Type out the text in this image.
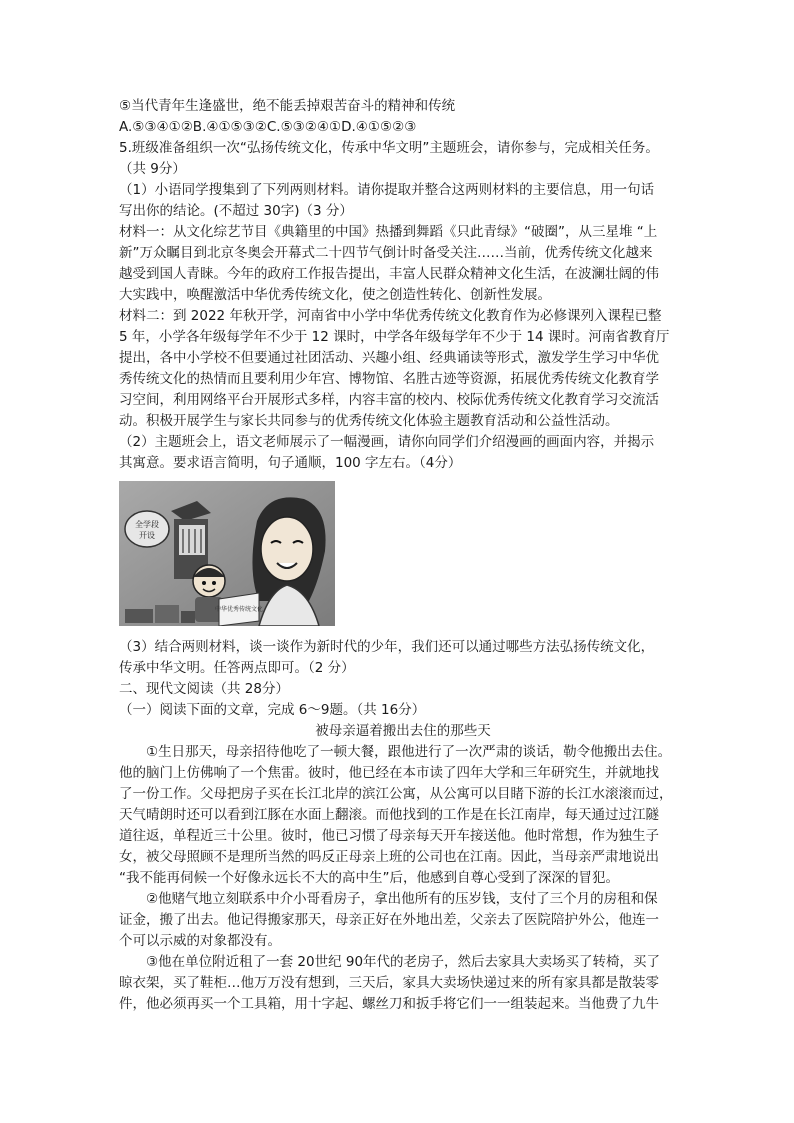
⑤当代青年生逢盛世，绝不能丢掉艰苦奋斗的精神和传统
A.⑤③④①②B.④①⑤③②C.⑤③②④①D.④①⑤②③
5.班级准备组织一次“弘扬传统文化，传承中华文明”主题班会，请你参与，完成相关任务。
（共 9分）
（1）小语同学搜集到了下列两则材料。请你提取并整合这两则材料的主要信息，用一句话
写出你的结论。(不超过 30字)（3 分）
材料一：从文化综艺节目《典籍里的中国》热播到舞蹈《只此青绿》“破圈”，从三星堆 “上
新”万众瞩目到北京冬奥会开幕式二十四节气倒计时备受关注……当前，优秀传统文化越来
越受到国人青睐。今年的政府工作报告提出，丰富人民群众精神文化生活，在波澜壮阔的伟
大实践中，唤醒激活中华优秀传统文化，使之创造性转化、创新性发展。
材料二：到 2022 年秋开学，河南省中小学中华优秀传统文化教育作为必修课列入课程已整
5 年，小学各年级每学年不少于 12 课时，中学各年级每学年不少于 14 课时。河南省教育厅
提出，各中小学校不但要通过社团活动、兴趣小组、经典诵读等形式，激发学生学习中华优
秀传统文化的热情而且要利用少年宫、博物馆、名胜古迹等资源，拓展优秀传统文化教育学
习空间，利用网络平台开展形式多样，内容丰富的校内、校际优秀传统文化教育学习交流活
动。积极开展学生与家长共同参与的优秀传统文化体验主题教育活动和公益性活动。
（2）主题班会上，语文老师展示了一幅漫画，请你向同学们介绍漫画的画面内容，并揭示
其寓意。要求语言简明，句子通顺，100 字左右。（4分）
全学段
开设
中华优秀传统文化
（3）结合两则材料，谈一谈作为新时代的少年，我们还可以通过哪些方法弘扬传统文化，
传承中华文明。任答两点即可。（2 分）
二、现代文阅读（共 28分）
（一）阅读下面的文章，完成 6～9题。（共 16分）
被母亲逼着搬出去住的那些天
　　①生日那天，母亲招待他吃了一顿大餐，跟他进行了一次严肃的谈话，勒令他搬出去住。
他的脑门上仿佛响了一个焦雷。彼时，他已经在本市读了四年大学和三年研究生，并就地找
了一份工作。父母把房子买在长江北岸的滨江公寓，从公寓可以目睹下游的长江水滚滚而过，
天气晴朗时还可以看到江豚在水面上翻滚。而他找到的工作是在长江南岸，每天通过过江隧
道往返，单程近三十公里。彼时，他已习惯了母亲每天开车接送他。他时常想，作为独生子
女，被父母照顾不是理所当然的吗反正母亲上班的公司也在江南。因此，当母亲严肃地说出
“我不能再伺候一个好像永远长不大的高中生”后，他感到自尊心受到了深深的冒犯。
　　②他赌气地立刻联系中介小哥看房子，拿出他所有的压岁钱，支付了三个月的房租和保
证金，搬了出去。他记得搬家那天，母亲正好在外地出差，父亲去了医院陪护外公，他连一
个可以示威的对象都没有。
　　③他在单位附近租了一套 20世纪 90年代的老房子，然后去家具大卖场买了转椅，买了
晾衣架，买了鞋柜…他万万没有想到，三天后，家具大卖场快递过来的所有家具都是散装零
件，他必须再买一个工具箱，用十字起、螺丝刀和扳手将它们一一组装起来。当他费了九牛
